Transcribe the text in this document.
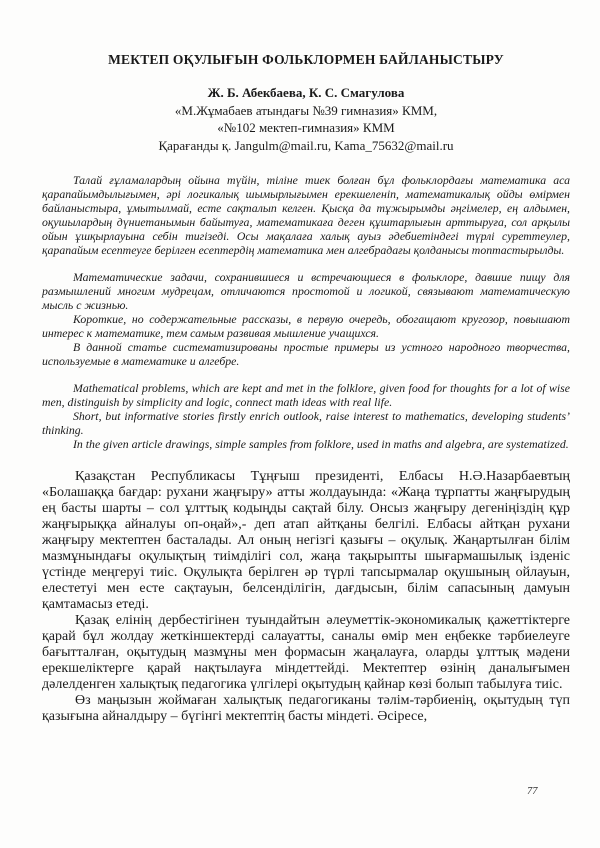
МЕКТЕП ОҚУЛЫҒЫН ФОЛЬКЛОРМЕН БАЙЛАНЫСТЫРУ

Ж. Б. Абекбаева, К. С. Смагулова

«М.Жұмабаев атындағы №39 гимназия» КММ,

«№102 мектеп-гимназия» КММ

Қарағанды қ. Jangulm@mail.ru, Kama_75632@mail.ru

Талай ғұламалардың ойына түйін, тіліне тиек болған бұл фольклордағы математика аса қарапайымдылығымен, әрі логикалық шымырлығымен ерекшеленіп, математикалық ойды өмірмен байланыстыра, ұмытылмай, есте сақталып келген. Қысқа да тұжырымды әңгімелер, ең алдымен, оқушылардың дүниетанымын байытуға, математикаға деген құштарлығын арттыруға, сол арқылы ойын ұшқырлауына себін тигізеді. Осы мақалаға халық ауыз әдебиетіндегі түрлі суреттеулер, қарапайым есептеуге берілген есептердің математика мен алгебрадағы қолданысы топтастырылды.

Математические задачи, сохранившиеся и встречающиеся в фольклоре, давшие пищу для размышлений многим мудрецам, отличаются простотой и логикой, связывают математическую мысль с жизнью.

Короткие, но содержательные рассказы, в первую очередь, обогащают кругозор, повышают интерес к математике, тем самым развивая мышление учащихся.

В данной статье систематизированы простые примеры из устного народного творчества, используемые в математике и алгебре.

Mathematical problems, which are kept and met in the folklore, given food for thoughts for a lot of wise men, distinguish by simplicity and logic, connect math ideas with real life.

Short, but informative stories firstly enrich outlook, raise interest to mathematics, developing students’ thinking.

In the given article drawings, simple samples from folklore, used in maths and algebra, are systematized.

Қазақстан Республикасы Тұңғыш президенті, Елбасы Н.Ә.Назарбаевтың «Болашаққа бағдар: рухани жаңғыру» атты жолдауында: «Жаңа тұрпатты жаңғырудың ең басты шарты – сол ұлттық кодыңды сақтай білу. Онсыз жаңғыру дегеніңіздің құр жаңғырыққа айналуы оп-оңай»,- деп атап айтқаны белгілі. Елбасы айтқан рухани жаңғыру мектептен басталады. Ал оның негізгі қазығы – оқулық. Жаңартылған білім мазмұнындағы оқулықтың тиімділігі сол, жаңа тақырыпты шығармашылық ізденіс үстінде меңгеруі тиіс. Оқулықта берілген әр түрлі тапсырмалар оқушының ойлауын, елестетуі мен есте сақтауын, белсенділігін, дағдысын, білім сапасының дамуын қамтамасыз етеді.

Қазақ елінің дербестігінен туындайтын әлеуметтік-экономикалық қажеттіктерге қарай бұл жолдау жеткіншектерді салауатты, саналы өмір мен еңбекке тәрбиелеуге бағытталған, оқытудың мазмұны мен формасын жаңалауға, оларды ұлттық мәдени ерекшеліктерге қарай нақтылауға міндеттейді. Мектептер өзінің даналығымен дәлелденген халықтық педагогика үлгілері оқытудың қайнар көзі болып табылуға тиіс.

Өз маңызын жоймаған халықтық педагогиканы тәлім-тәрбиенің, оқытудың түп қазығына айналдыру – бүгінгі мектептің басты міндеті. Әсіресе,

77
